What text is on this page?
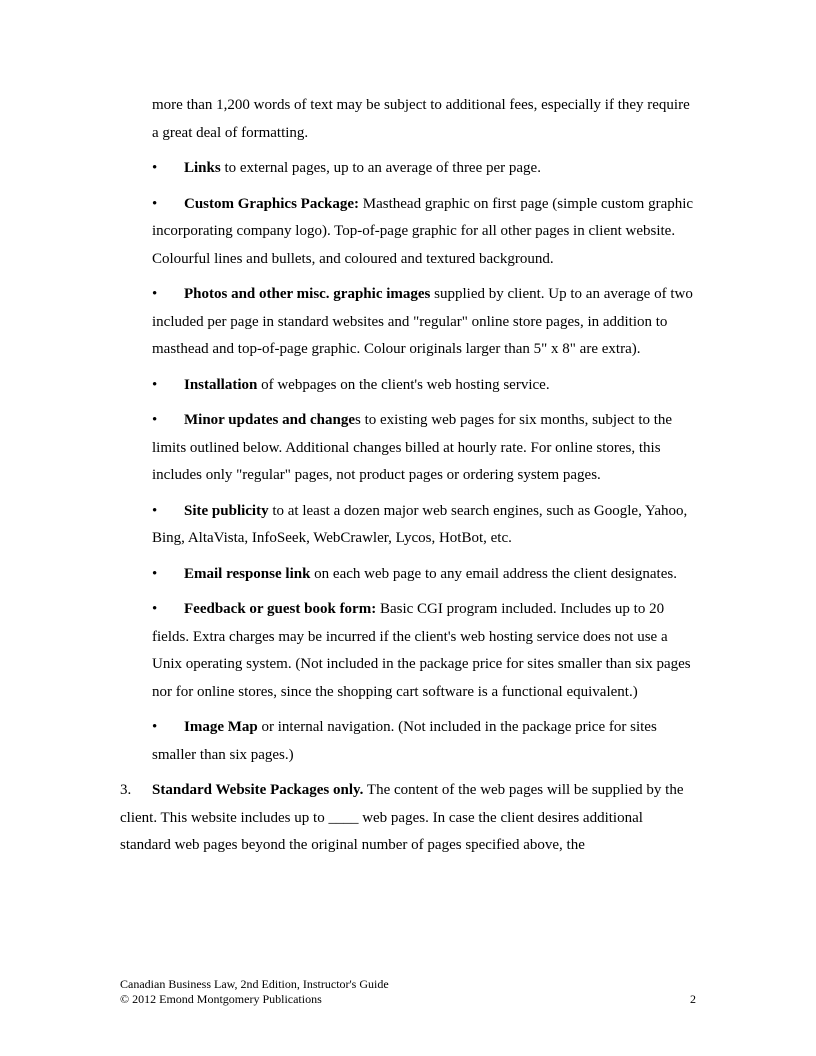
more than 1,200 words of text may be subject to additional fees, especially if they require a great deal of formatting.

• Links to external pages, up to an average of three per page.

• Custom Graphics Package: Masthead graphic on first page (simple custom graphic incorporating company logo). Top-of-page graphic for all other pages in client website. Colourful lines and bullets, and coloured and textured background.

• Photos and other misc. graphic images supplied by client. Up to an average of two included per page in standard websites and "regular" online store pages, in addition to masthead and top-of-page graphic. Colour originals larger than 5" x 8" are extra).

• Installation of webpages on the client's web hosting service.

• Minor updates and changes to existing web pages for six months, subject to the limits outlined below. Additional changes billed at hourly rate. For online stores, this includes only "regular" pages, not product pages or ordering system pages.

• Site publicity to at least a dozen major web search engines, such as Google, Yahoo, Bing, AltaVista, InfoSeek, WebCrawler, Lycos, HotBot, etc.

• Email response link on each web page to any email address the client designates.

• Feedback or guest book form: Basic CGI program included. Includes up to 20 fields. Extra charges may be incurred if the client's web hosting service does not use a Unix operating system. (Not included in the package price for sites smaller than six pages nor for online stores, since the shopping cart software is a functional equivalent.)

• Image Map or internal navigation. (Not included in the package price for sites smaller than six pages.)

3. Standard Website Packages only. The content of the web pages will be supplied by the client. This website includes up to ____ web pages. In case the client desires additional standard web pages beyond the original number of pages specified above, the

Canadian Business Law, 2nd Edition, Instructor's Guide
© 2012 Emond Montgomery Publications	2
